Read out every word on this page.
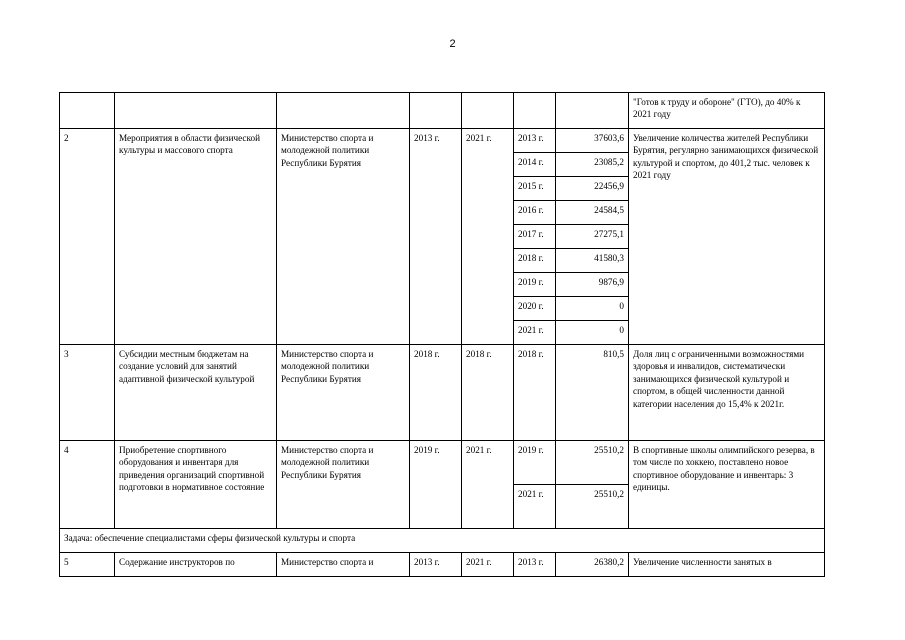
2
							"Готов к труду и обороне" (ГТО), до 40% к 2021 году
2	Мероприятия в области физической культуры и массового спорта	Министерство спорта и молодежной политики Республики Бурятия	2013 г.	2021 г.	2013 г.	37603,6	Увеличение количества жителей Республики Бурятия, регулярно занимающихся физической культурой и спортом, до 401,2 тыс. человек к 2021 году
					2014 г.	23085,2	
					2015 г.	22456,9	
					2016 г.	24584,5	
					2017 г.	27275,1	
					2018 г.	41580,3	
					2019 г.	9876,9	
					2020 г.	0	
					2021 г.	0	
3	Субсидии местным бюджетам на создание условий для занятий адаптивной физической культурой	Министерство спорта и молодежной политики Республики Бурятия	2018 г.	2018 г.	2018 г.	810,5	Доля лиц с ограниченными возможностями здоровья и инвалидов, систематически занимающихся физической культурой и спортом, в общей численности данной категории населения до 15,4% к 2021г.
4	Приобретение спортивного оборудования и инвентаря для приведения организаций спортивной подготовки в нормативное состояние	Министерство спорта и молодежной политики Республики Бурятия	2019 г.	2021 г.	2019 г.	25510,2	В спортивные школы олимпийского резерва, в том числе по хоккею, поставлено новое спортивное оборудование и инвентарь: 3 единицы.
					2021 г.	25510,2	
Задача: обеспечение специалистами сферы физической культуры и спорта							
5	Содержание инструкторов по	Министерство спорта и	2013 г.	2021 г.	2013 г.	26380,2	Увеличение численности занятых в
